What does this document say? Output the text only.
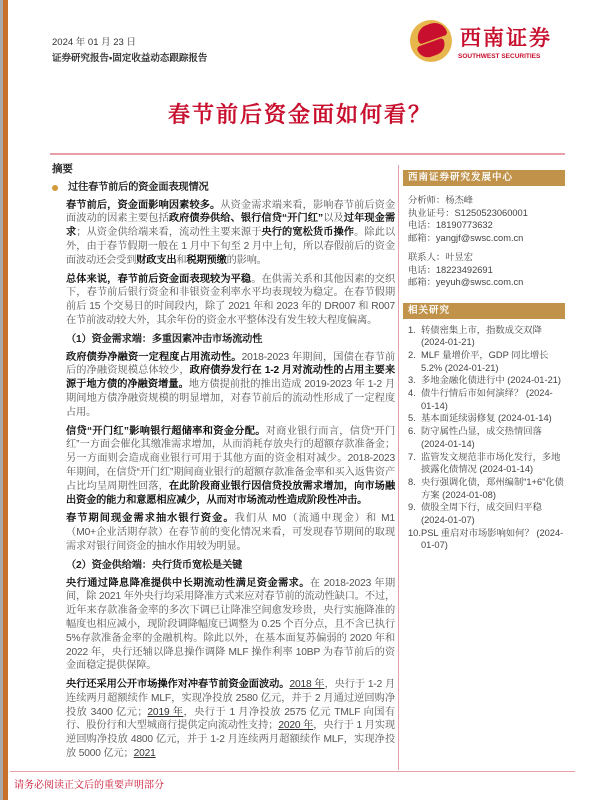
2024 年 01 月 23 日
证券研究报告•固定收益动态跟踪报告
西南证券
SOUTHWEST SECURITIES
春节前后资金面如何看？
摘要
过往春节前后的资金面表现情况
春节前后，资金面影响因素较多。从资金需求端来看，影响春节前后资金面波动的因素主要包括政府债券供给、银行信贷“开门红”以及过年现金需求；从资金供给端来看，流动性主要来源于央行的宽松货币操作。除此以外，由于春节假期一般在 1 月中下旬至 2 月中上旬，所以春假前后的资金面波动还会受到财政支出和税期预缴的影响。
总体来说，春节前后资金面表现较为平稳。在供需关系和其他因素的交织下，春节前后银行资金和非银资金利率水平均表现较为稳定。在春节假期前后 15 个交易日的时间段内，除了 2021 年和 2023 年的 DR007 和 R007 在节前波动较大外，其余年份的资金水平整体没有发生较大程度偏离。
（1）资金需求端：多重因素冲击市场流动性
政府债券净融资一定程度占用流动性。2018-2023 年期间，国债在春节前后的净融资规模总体较少，政府债券发行在 1-2 月对流动性的占用主要来源于地方债的净融资增量。地方债提前批的推出造成 2019-2023 年 1-2 月期间地方债净融资规模的明显增加，对春节前后的流动性形成了一定程度占用。
信贷“开门红”影响银行超储率和资金分配。对商业银行而言，信贷“开门红”一方面会催化其缴准需求增加，从而消耗存放央行的超额存款准备金；另一方面则会造成商业银行可用于其他方面的资金相对减少。2018-2023 年期间，在信贷“开门红”期间商业银行的超额存款准备金率和买入返售资产占比均呈周期性回落，在此阶段商业银行因信贷投放需求增加，向市场融出资金的能力和意愿相应减少，从而对市场流动性造成阶段性冲击。
春节期间现金需求抽水银行资金。我们从 M0（流通中现金）和 M1（M0+企业活期存款）在春节前的变化情况来看，可发现春节期间的取现需求对银行间资金的抽水作用较为明显。
（2）资金供给端：央行货币宽松是关键
央行通过降息降准提供中长期流动性满足资金需求。在 2018-2023 年期间，除 2021 年外央行均采用降准方式来应对春节前的流动性缺口。不过，近年来存款准备金率的多次下调已让降准空间愈发珍贵，央行实施降准的幅度也相应减小，现阶段调降幅度已调整为 0.25 个百分点，且不含已执行 5%存款准备金率的金融机构。除此以外，在基本面复苏偏弱的 2020 年和 2022 年，央行还辅以降息操作调降 MLF 操作利率 10BP 为春节前后的资金面稳定提供保障。
央行还采用公开市场操作对冲春节前资金面波动。2018 年，央行于 1-2 月连续两月超额续作 MLF，实现净投放 2580 亿元，并于 2 月通过逆回购净投放 3400 亿元；2019 年，央行于 1 月净投放 2575 亿元 TMLF 向国有行、股份行和大型城商行提供定向流动性支持；2020 年，央行于 1 月实现逆回购净投放 4800 亿元，并于 1-2 月连续两月超额续作 MLF，实现净投放 5000 亿元；2021
西南证券研究发展中心
分析师：杨杰峰
执业证号：S1250523060001
电话：18190773632
邮箱：yangjf@swsc.com.cn
联系人：叶昱宏
电话：18223492691
邮箱：yeyuh@swsc.com.cn
相关研究
1. 转债密集上市，指数成交双降 (2024-01-21)
2. MLF 量增价平，GDP 同比增长 5.2% (2024-01-21)
3. 多地金融化债进行中 (2024-01-21)
4. 债牛行情后市如何演绎？ (2024-01-14)
5. 基本面延续弱修复 (2024-01-14)
6. 防守属性凸显，成交热情回落 (2024-01-14)
7. 监管发文规范非市场化发行，多地披露化债情况 (2024-01-14)
8. 央行强调化债，郑州编制“1+6”化债方案 (2024-01-08)
9. 债股全周下行，成交回归平稳 (2024-01-07)
10. PSL 重启对市场影响如何？ (2024-01-07)
请务必阅读正文后的重要声明部分
